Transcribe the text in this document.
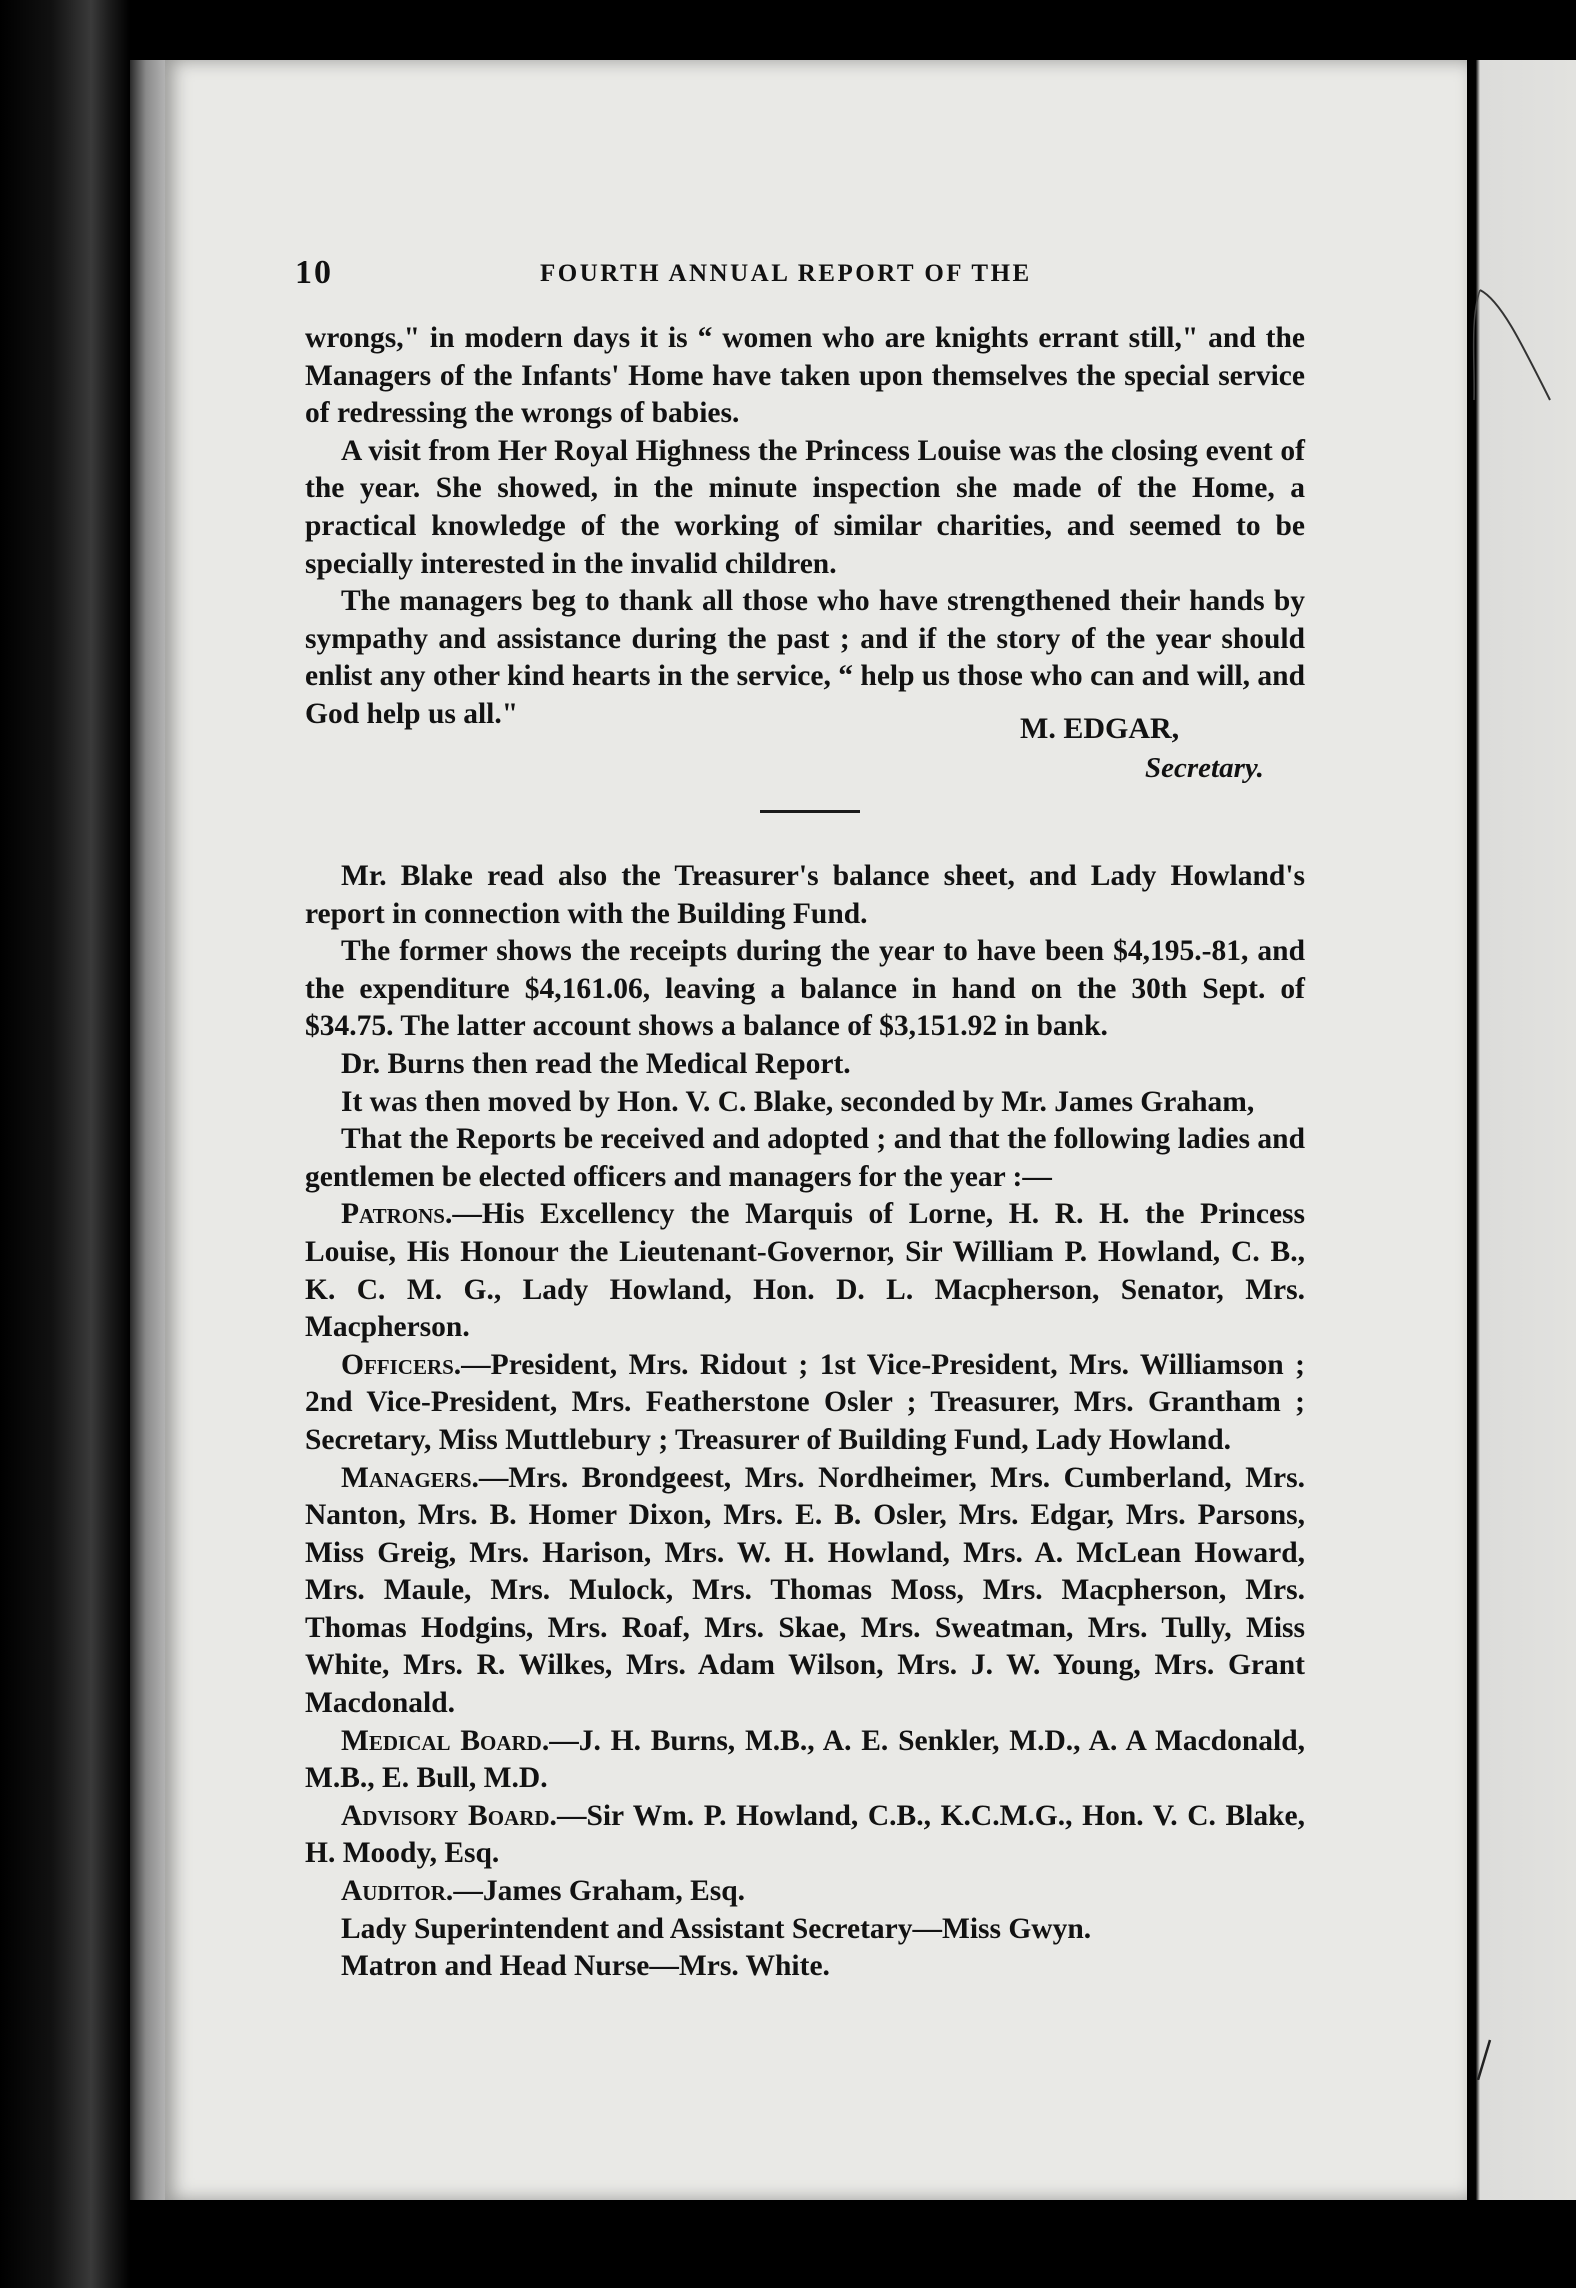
10	FOURTH ANNUAL REPORT OF THE

wrongs," in modern days it is “ women who are knights errant still," and the Managers of the Infants' Home have taken upon themselves the special service of redressing the wrongs of babies.

A visit from Her Royal Highness the Princess Louise was the closing event of the year. She showed, in the minute inspection she made of the Home, a practical knowledge of the working of similar charities, and seemed to be specially interested in the invalid children.

The managers beg to thank all those who have strengthened their hands by sympathy and assistance during the past ; and if the story of the year should enlist any other kind hearts in the service, “ help us those who can and will, and God help us all."	M. EDGAR,
Secretary.

Mr. Blake read also the Treasurer's balance sheet, and Lady Howland's report in connection with the Building Fund.

The former shows the receipts during the year to have been $4,195.-81, and the expenditure $4,161.06, leaving a balance in hand on the 30th Sept. of $34.75. The latter account shows a balance of $3,151.92 in bank.

Dr. Burns then read the Medical Report.

It was then moved by Hon. V. C. Blake, seconded by Mr. James Graham,

That the Reports be received and adopted ; and that the following ladies and gentlemen be elected officers and managers for the year :—

Patrons.—His Excellency the Marquis of Lorne, H. R. H. the Princess Louise, His Honour the Lieutenant-Governor, Sir William P. Howland, C. B., K. C. M. G., Lady Howland, Hon. D. L. Macpherson, Senator, Mrs. Macpherson.

Officers.—President, Mrs. Ridout ; 1st Vice-President, Mrs. Williamson ; 2nd Vice-President, Mrs. Featherstone Osler ; Treasurer, Mrs. Grantham ; Secretary, Miss Muttlebury ; Treasurer of Building Fund, Lady Howland.

Managers.—Mrs. Brondgeest, Mrs. Nordheimer, Mrs. Cumberland, Mrs. Nanton, Mrs. B. Homer Dixon, Mrs. E. B. Osler, Mrs. Edgar, Mrs. Parsons, Miss Greig, Mrs. Harison, Mrs. W. H. Howland, Mrs. A. McLean Howard, Mrs. Maule, Mrs. Mulock, Mrs. Thomas Moss, Mrs. Macpherson, Mrs. Thomas Hodgins, Mrs. Roaf, Mrs. Skae, Mrs. Sweatman, Mrs. Tully, Miss White, Mrs. R. Wilkes, Mrs. Adam Wilson, Mrs. J. W. Young, Mrs. Grant Macdonald.

Medical Board.—J. H. Burns, M.B., A. E. Senkler, M.D., A. A Macdonald, M.B., E. Bull, M.D.

Advisory Board.—Sir Wm. P. Howland, C.B., K.C.M.G., Hon. V. C. Blake, H. Moody, Esq.

Auditor.—James Graham, Esq.

Lady Superintendent and Assistant Secretary—Miss Gwyn.

Matron and Head Nurse—Mrs. White.
